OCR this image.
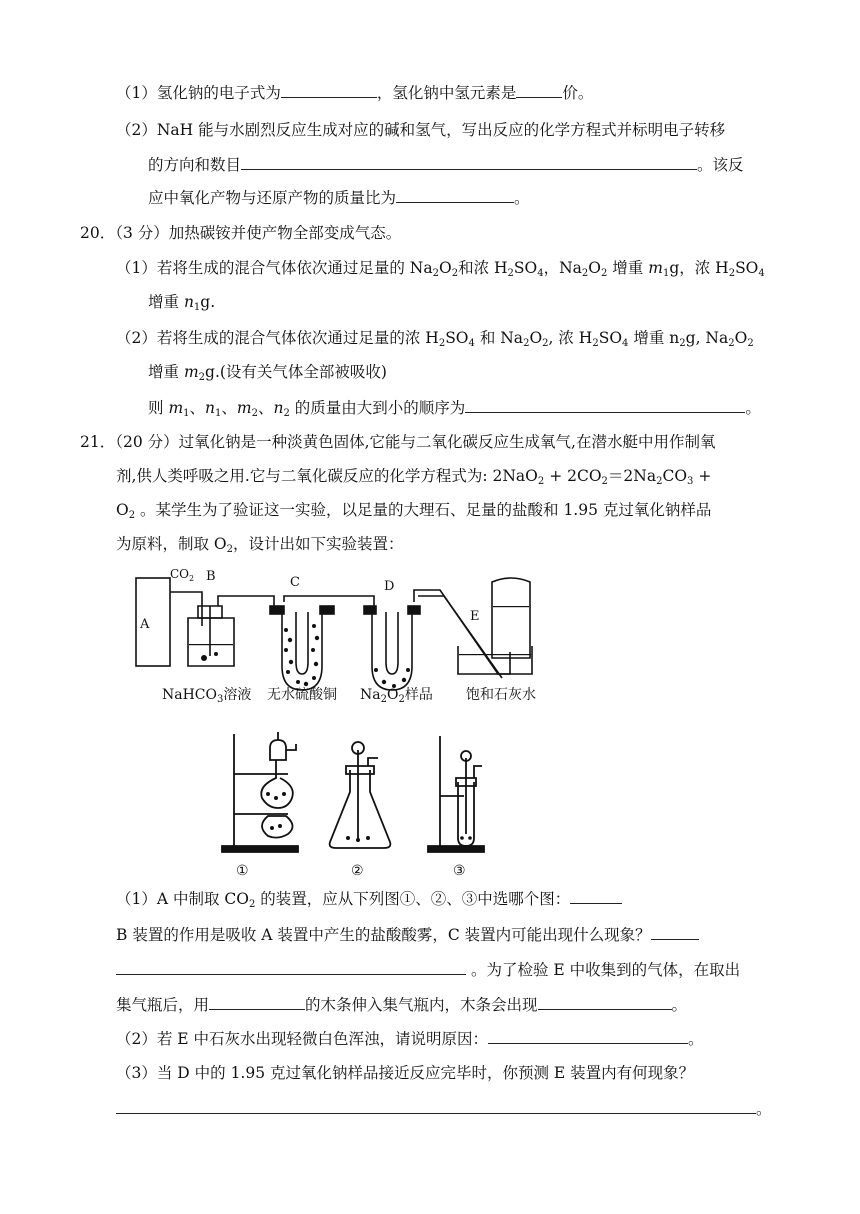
（1）氢化钠的电子式为	，氢化钠中氢元素是	价。
（2）NaH 能与水剧烈反应生成对应的碱和氢气，写出反应的化学方程式并标明电子转移
的方向和数目	。该反
应中氧化产物与还原产物的质量比为	。
20．（3 分）加热碳铵并使产物全部变成气态。
（1）若将生成的混合气体依次通过足量的 $Na_2O_2$和浓 $H_2SO_4$，$Na_2O_2$ 增重 $m_1g$，浓 $H_2SO_4$
增重 $n_1g$.
（2）若将生成的混合气体依次通过足量的浓 $H_2SO_4$ 和 $Na_2O_2$, 浓 $H_2SO_4$ 增重 $n_2g$, $Na_2O_2$
增重 $m_2g$.(设有关气体全部被吸收)
则 $m_1$、$n_1$、$m_2$、$n_2$ 的质量由大到小的顺序为	。
21．（20 分）过氧化钠是一种淡黄色固体,它能与二氧化碳反应生成氧气,在潜水艇中用作制氧
剂,供人类呼吸之用.它与二氧化碳反应的化学方程式为: $2NaO_2 + 2CO_2=2Na_2CO_3$ +
$O_2$ 。某学生为了验证这一实验，以足量的大理石、足量的盐酸和 1.95 克过氧化钠样品
为原料，制取 $O_2$，设计出如下实验装置：
A
$CO_2$ B	C	D
E
NaHCO$_3$溶液 无水硫酸铜 $Na_2O_2$样品 饱和石灰水
①	②	③
（1）A 中制取 $CO_2$ 的装置，应从下列图①、②、③中选哪个图：
B 装置的作用是吸收 A 装置中产生的盐酸酸雾，C 装置内可能出现什么现象？
。为了检验 E 中收集到的气体，在取出
集气瓶后，用	的木条伸入集气瓶内，木条会出现	。
（2）若 E 中石灰水出现轻微白色浑浊，请说明原因：	。
（3）当 D 中的 1.95 克过氧化钠样品接近反应完毕时，你预测 E 装置内有何现象？
。
